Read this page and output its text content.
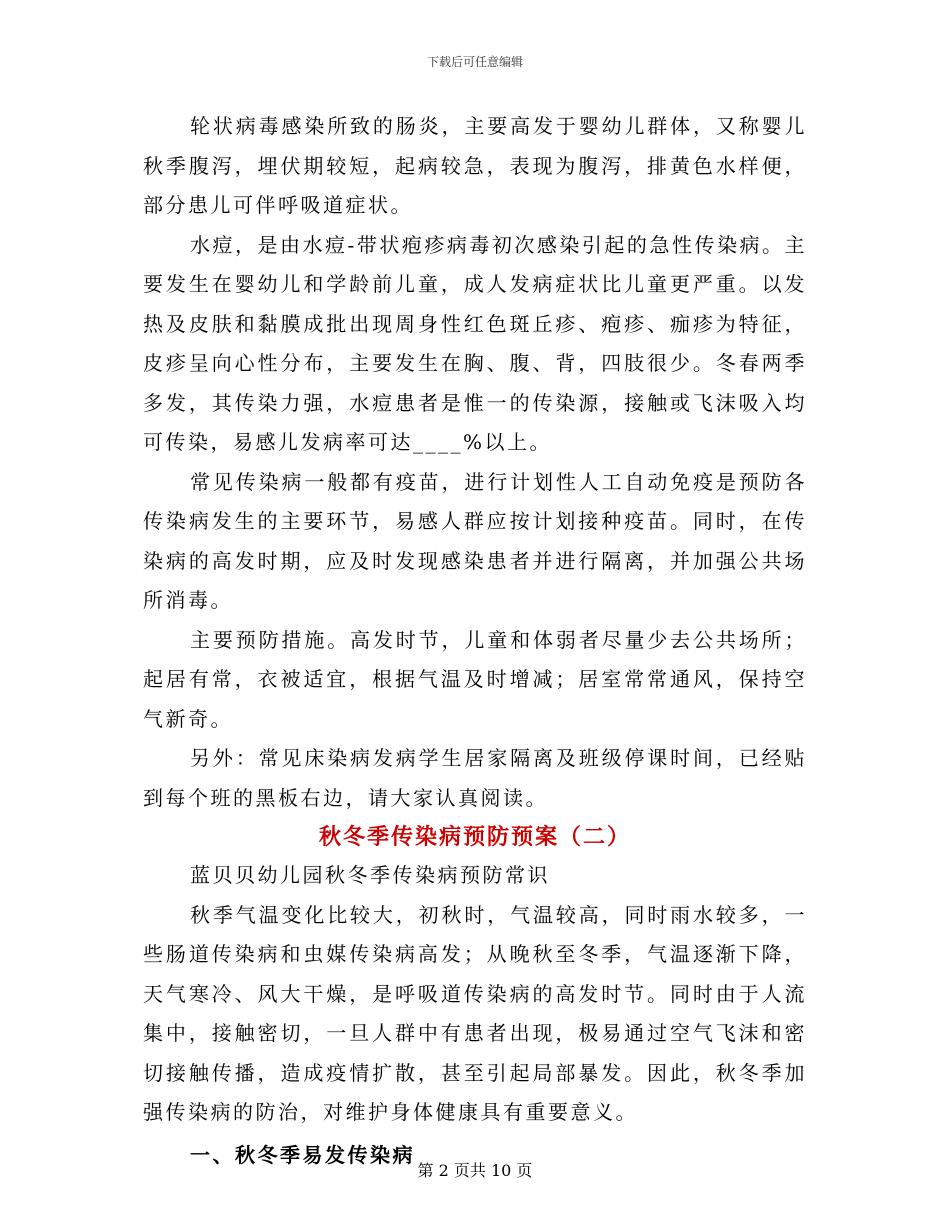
下载后可任意编辑

轮状病毒感染所致的肠炎，主要高发于婴幼儿群体，又称婴儿秋季腹泻，埋伏期较短，起病较急，表现为腹泻，排黄色水样便，部分患儿可伴呼吸道症状。

水痘，是由水痘-带状疱疹病毒初次感染引起的急性传染病。主要发生在婴幼儿和学龄前儿童，成人发病症状比儿童更严重。以发热及皮肤和黏膜成批出现周身性红色斑丘疹、疱疹、痂疹为特征，皮疹呈向心性分布，主要发生在胸、腹、背，四肢很少。冬春两季多发，其传染力强，水痘患者是惟一的传染源，接触或飞沫吸入均可传染，易感儿发病率可达____%以上。

常见传染病一般都有疫苗，进行计划性人工自动免疫是预防各传染病发生的主要环节，易感人群应按计划接种疫苗。同时，在传染病的高发时期，应及时发现感染患者并进行隔离，并加强公共场所消毒。

主要预防措施。高发时节，儿童和体弱者尽量少去公共场所；起居有常，衣被适宜，根据气温及时增减；居室常常通风，保持空气新奇。

另外：常见床染病发病学生居家隔离及班级停课时间，已经贴到每个班的黑板右边，请大家认真阅读。

秋冬季传染病预防预案（二）

蓝贝贝幼儿园秋冬季传染病预防常识

秋季气温变化比较大，初秋时，气温较高，同时雨水较多，一些肠道传染病和虫媒传染病高发；从晚秋至冬季，气温逐渐下降，天气寒冷、风大干燥，是呼吸道传染病的高发时节。同时由于人流集中，接触密切，一旦人群中有患者出现，极易通过空气飞沫和密切接触传播，造成疫情扩散，甚至引起局部暴发。因此，秋冬季加强传染病的防治，对维护身体健康具有重要意义。

一、秋冬季易发传染病

第 2 页共 10 页
